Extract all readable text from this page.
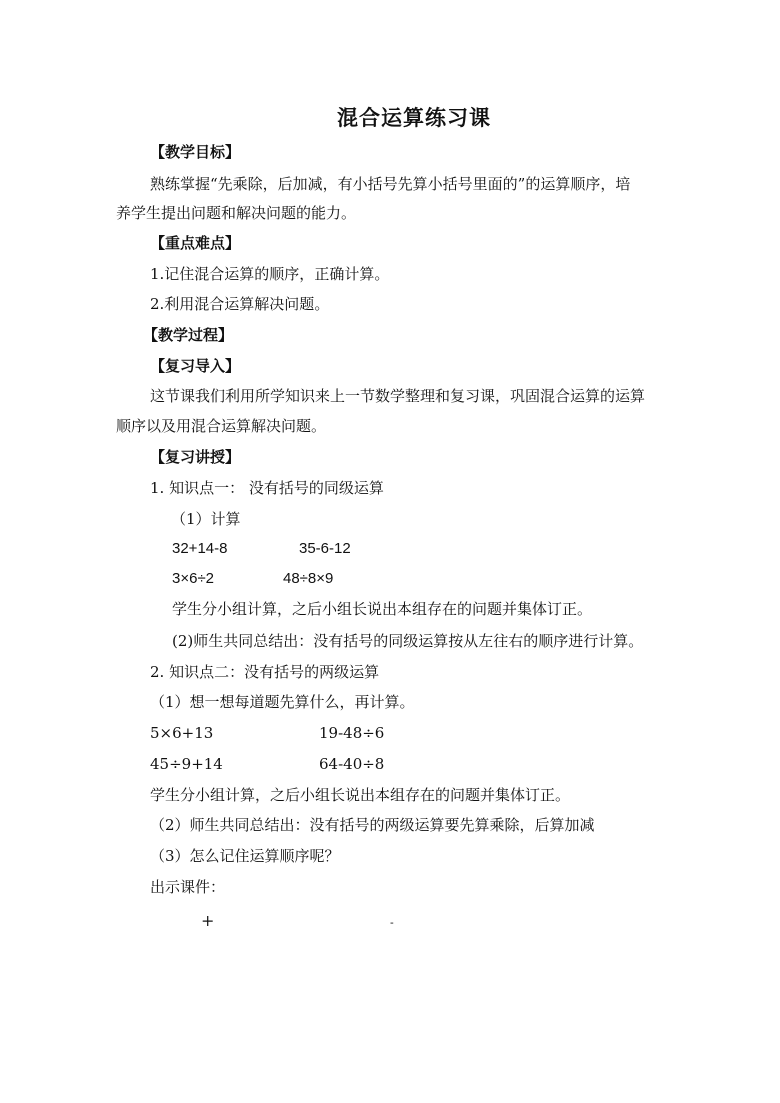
混合运算练习课
【教学目标】
熟练掌握“先乘除，后加减，有小括号先算小括号里面的”的运算顺序，培
养学生提出问题和解决问题的能力。
【重点难点】
1.记住混合运算的顺序，正确计算。
2.利用混合运算解决问题。
【教学过程】
【复习导入】
这节课我们利用所学知识来上一节数学整理和复习课，巩固混合运算的运算
顺序以及用混合运算解决问题。
【复习讲授】
1. 知识点一： 没有括号的同级运算
（1）计算
32+14-8	35-6-12
3×6÷2	48÷8×9
学生分小组计算，之后小组长说出本组存在的问题并集体订正。
(2)师生共同总结出：没有括号的同级运算按从左往右的顺序进行计算。
2. 知识点二：没有括号的两级运算
（1）想一想每道题先算什么，再计算。
5×6+13	19-48÷6
45÷9+14	64-40÷8
学生分小组计算，之后小组长说出本组存在的问题并集体订正。
（2）师生共同总结出：没有括号的两级运算要先算乘除，后算加减
（3）怎么记住运算顺序呢？
出示课件：
+	-
